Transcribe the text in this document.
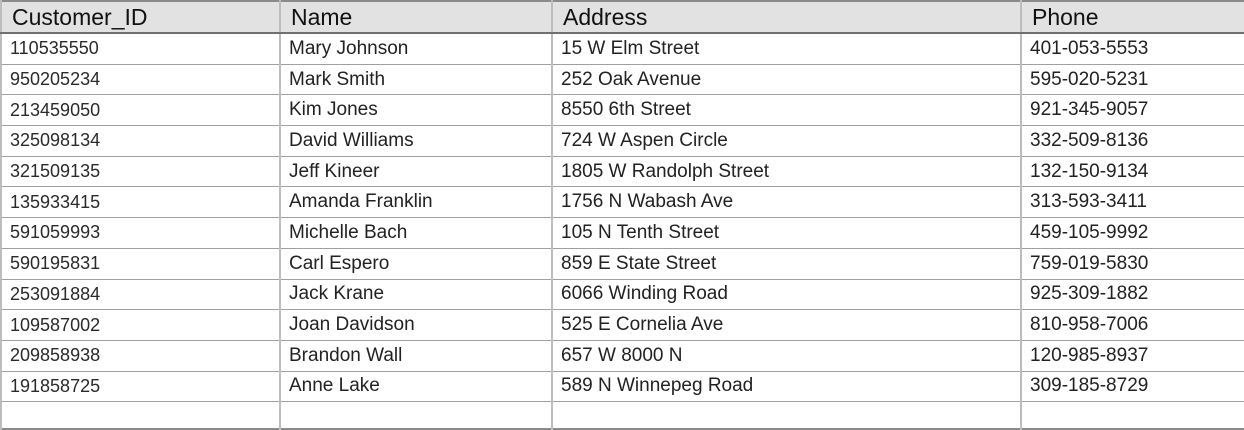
Customer_ID	Name	Address	Phone
110535550	Mary Johnson	15 W Elm Street	401-053-5553
950205234	Mark Smith	252 Oak Avenue	595-020-5231
213459050	Kim Jones	8550 6th Street	921-345-9057
325098134	David Williams	724 W Aspen Circle	332-509-8136
321509135	Jeff Kineer	1805 W Randolph Street	132-150-9134
135933415	Amanda Franklin	1756 N Wabash Ave	313-593-3411
591059993	Michelle Bach	105 N Tenth Street	459-105-9992
590195831	Carl Espero	859 E State Street	759-019-5830
253091884	Jack Krane	6066 Winding Road	925-309-1882
109587002	Joan Davidson	525 E Cornelia Ave	810-958-7006
209858938	Brandon Wall	657 W 8000 N	120-985-8937
191858725	Anne Lake	589 N Winnepeg Road	309-185-8729
